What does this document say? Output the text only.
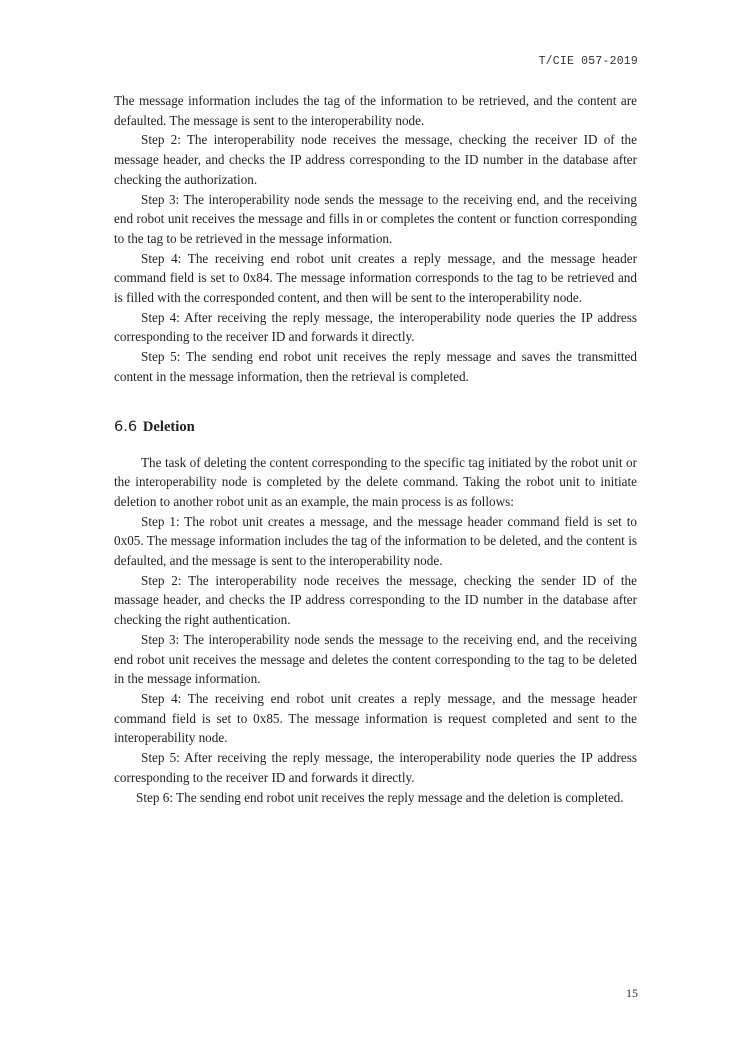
T/CIE 057-2019

The message information includes the tag of the information to be retrieved, and the content are defaulted. The message is sent to the interoperability node.

Step 2: The interoperability node receives the message, checking the receiver ID of the message header, and checks the IP address corresponding to the ID number in the database after checking the authorization.

Step 3: The interoperability node sends the message to the receiving end, and the receiving end robot unit receives the message and fills in or completes the content or function corresponding to the tag to be retrieved in the message information.

Step 4: The receiving end robot unit creates a reply message, and the message header command field is set to 0x84. The message information corresponds to the tag to be retrieved and is filled with the corresponded content, and then will be sent to the interoperability node.

Step 4: After receiving the reply message, the interoperability node queries the IP address corresponding to the receiver ID and forwards it directly.

Step 5: The sending end robot unit receives the reply message and saves the transmitted content in the message information, then the retrieval is completed.

6.6 Deletion

The task of deleting the content corresponding to the specific tag initiated by the robot unit or the interoperability node is completed by the delete command. Taking the robot unit to initiate deletion to another robot unit as an example, the main process is as follows:

Step 1: The robot unit creates a message, and the message header command field is set to 0x05. The message information includes the tag of the information to be deleted, and the content is defaulted, and the message is sent to the interoperability node.

Step 2: The interoperability node receives the message, checking the sender ID of the massage header, and checks the IP address corresponding to the ID number in the database after checking the right authentication.

Step 3: The interoperability node sends the message to the receiving end, and the receiving end robot unit receives the message and deletes the content corresponding to the tag to be deleted in the message information.

Step 4: The receiving end robot unit creates a reply message, and the message header command field is set to 0x85. The message information is request completed and sent to the interoperability node.

Step 5: After receiving the reply message, the interoperability node queries the IP address corresponding to the receiver ID and forwards it directly.

Step 6: The sending end robot unit receives the reply message and the deletion is completed.

15
